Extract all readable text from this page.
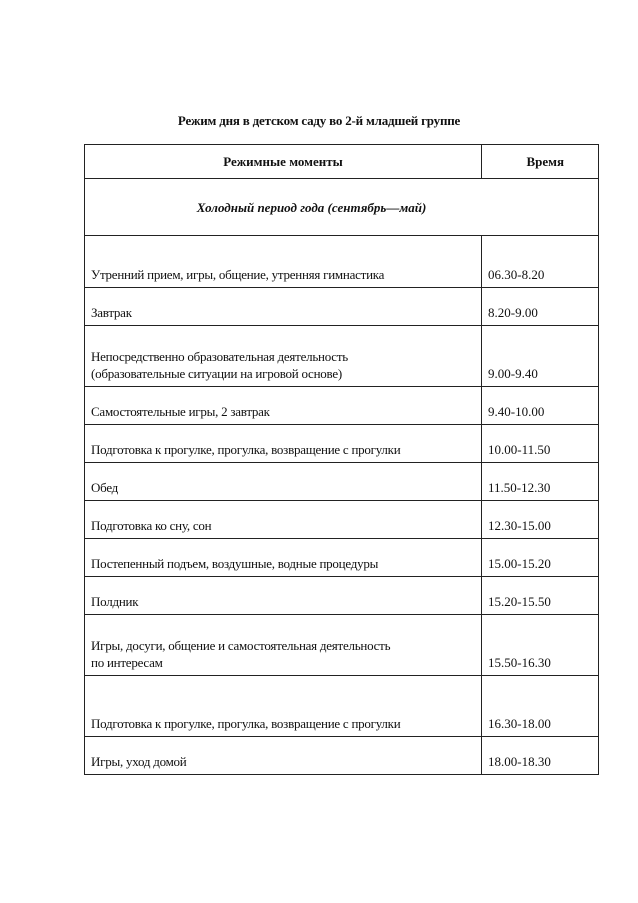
Режим дня в детском саду во 2-й младшей группе
Режимные моменты	Время
Холодный период года (сентябрь—май)	
Утренний прием, игры, общение, утренняя гимнастика	06.30-8.20
Завтрак	8.20-9.00
Непосредственно образовательная деятельность
(образовательные ситуации на игровой основе)	9.00-9.40
Самостоятельные игры, 2 завтрак	9.40-10.00
Подготовка к прогулке, прогулка, возвращение с прогулки	10.00-11.50
Обед	11.50-12.30
Подготовка ко сну, сон	12.30-15.00
Постепенный подъем, воздушные, водные процедуры	15.00-15.20
Полдник	15.20-15.50
Игры, досуги, общение и самостоятельная деятельность
по интересам	15.50-16.30
Подготовка к прогулке, прогулка, возвращение с прогулки	16.30-18.00
Игры, уход домой	18.00-18.30
